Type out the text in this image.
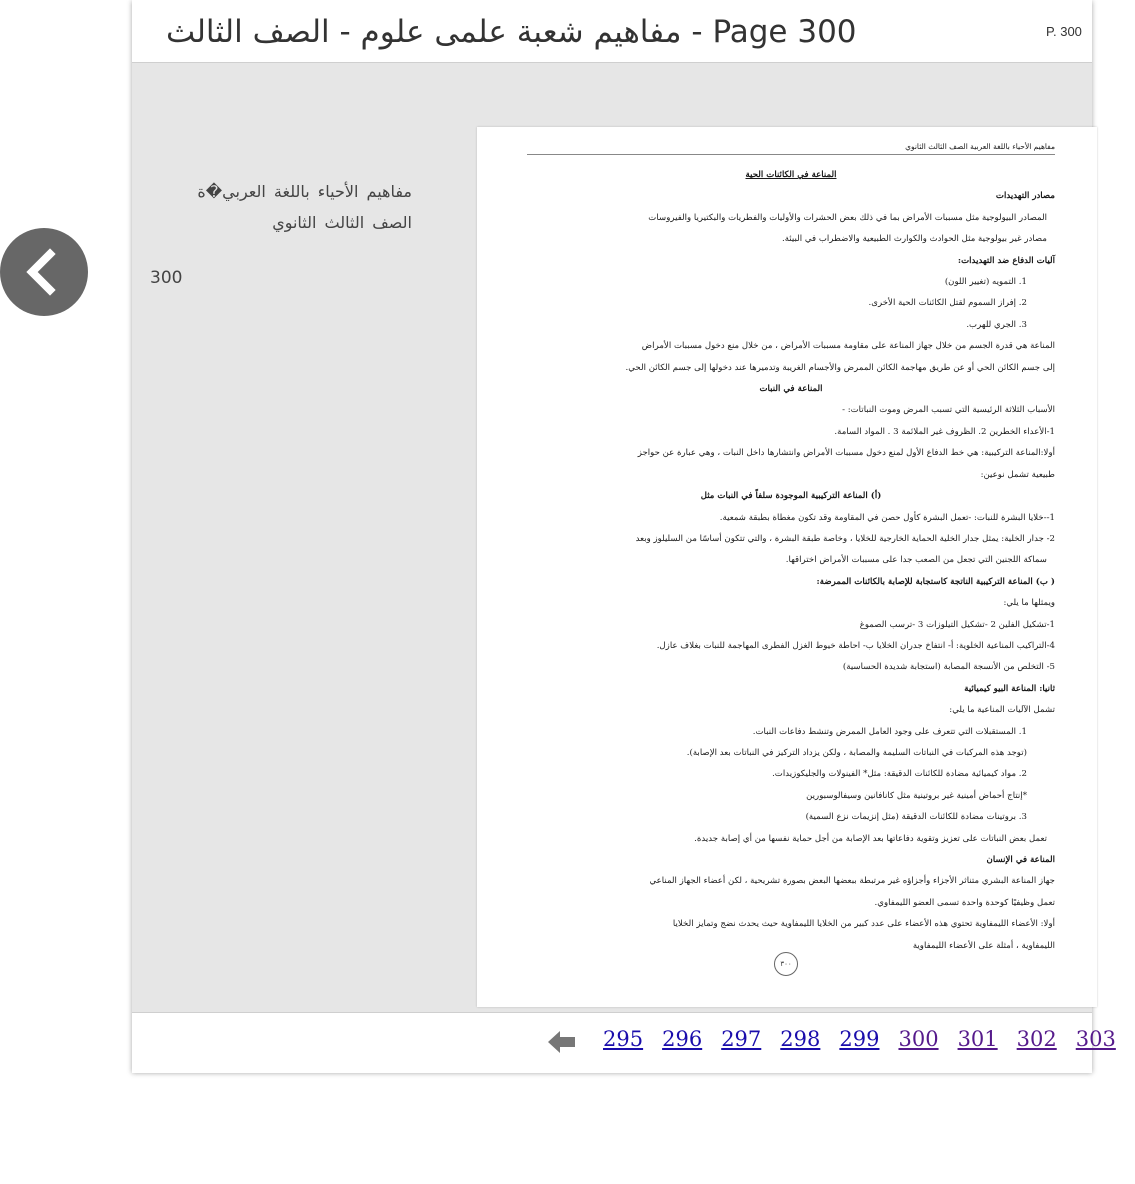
مفاهيم شعبة علمى علوم - الصف الثالث - Page 300	P. 300
مفاهيم الأحياء باللغة العربي�ة الصف الثالث الثانوي
300
مفاهيم الأحياء باللغة العربية الصف الثالث الثانوي
المناعة في الكائنات الحية
مصادر التهديدات
المصادر البيولوجية مثل مسببات الأمراض بما في ذلك بعض الحشرات والأوليات والفطريات والبكتيريا والفيروسات
مصادر غير بيولوجية مثل الحوادث والكوارث الطبيعية والاضطراب في البيئة.
آليات الدفاع ضد التهديدات:
1. التمويه (تغيير اللون)
2. إفراز السموم لقتل الكائنات الحية الأخرى.
3. الجري للهرب.
المناعة هي قدرة الجسم من خلال جهاز المناعة على مقاومة مسببات الأمراض ، من خلال منع دخول مسببات الأمراض
إلى جسم الكائن الحي أو عن طريق مهاجمة الكائن الممرض والأجسام الغريبة وتدميرها عند دخولها إلى جسم الكائن الحي.
المناعة في النبات
الأسباب الثلاثة الرئيسية التي تسبب المرض وموت النباتات: -
1-الأعداء الخطرين 2. الظروف غير الملائمة 3 . المواد السامة.
أولا:المناعة التركيبية: هي خط الدفاع الأول لمنع دخول مسببات الأمراض وانتشارها داخل النبات ، وهي عبارة عن حواجز
طبيعية تشمل نوعين:
(أ) المناعة التركيبية الموجودة سلفاً في النبات مثل
1--خلايا البشرة للنبات: -تعمل البشرة كأول حصن في المقاومة وقد تكون مغطاة بطبقة شمعية.
2- جدار الخلية: يمثل جدار الخلية الحماية الخارجية للخلايا ، وخاصة طبقة البشرة ، والتي تتكون أساسًا من السليلوز وبعد
سماكة اللجنين التي تجعل من الصعب جدا على مسببات الأمراض اختراقها.
( ب) المناعة التركيبية الناتجة كاستجابة للإصابة بالكائنات الممرضة:
ويمثلها ما يلي:
1-تشكيل الفلين 2 -تشكيل التيلوزات 3 -ترسب الصموغ
4-التراكيب المناعية الخلوية: أ- انتفاخ جدران الخلايا ب- احاطة خيوط الغزل الفطرى المهاجمة للنبات بغلاف عازل.
5- التخلص من الأنسجة المصابة (استجابة شديدة الحساسية)
ثانيا: المناعة البيو كيميائية
تشمل الآليات المناعية ما يلي:
1. المستقبلات التي تتعرف على وجود العامل الممرض وتنشط دفاعات النبات.
(توجد هذه المركبات في النباتات السليمة والمصابة ، ولكن يزداد التركيز في النباتات بعد الإصابة).
2. مواد كيميائية مضادة للكائنات الدقيقة: مثل* الفينولات والجليكوزيدات.
*إنتاج أحماض أمينية غير بروتينية مثل كانافانين وسيفالوسبورين
3. بروتينات مضادة للكائنات الدقيقة (مثل إنزيمات نزع السمية)
تعمل بعض النباتات على تعزيز وتقوية دفاعاتها بعد الإصابة من أجل حماية نفسها من أي إصابة جديدة.
المناعة في الإنسان
جهاز المناعة البشري متناثر الأجزاء وأجزاؤه غير مرتبطة ببعضها البعض بصورة تشريحية ، لكن أعضاء الجهاز المناعي
تعمل وظيفيًا كوحدة واحدة تسمى العضو الليمفاوي.
أولا: الأعضاء الليمفاوية تحتوي هذه الأعضاء على عدد كبير من الخلايا الليمفاوية حيث يحدث نضج وتمايز الخلايا
الليمفاوية ، أمثلة على الأعضاء الليمفاوية
٣٠٠
295 296 297 298 299 300 301 302 303
